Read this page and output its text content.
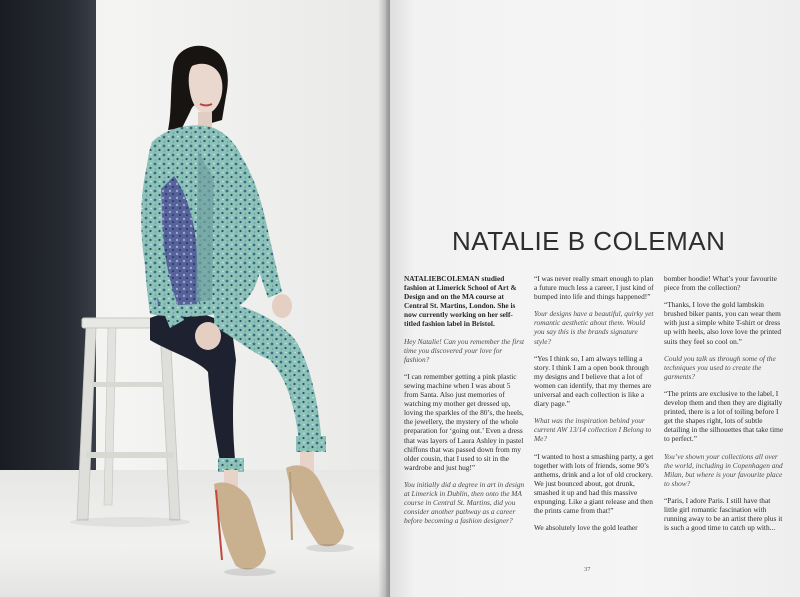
NATALIE B COLEMAN

NATALIEBCOLEMAN studied fashion at Limerick School of Art & Design and on the MA course at Central St. Martins, London. She is now currently working on her self-titled fashion label in Bristol.

Hey Natalie! Can you remember the first time you discovered your love for fashion?

“I can remember getting a pink plastic sewing machine when I was about 5 from Santa. Also just memories of watching my mother get dressed up, loving the sparkles of the 80’s, the heels, the jewellery, the mystery of the whole preparation for ‘going out.’ Even a dress that was layers of Laura Ashley in pastel chiffons that was passed down from my older cousin, that I used to sit in the wardrobe and just hug!”

You initially did a degree in art in design at Limerick in Dublin, then onto the MA course in Central St. Martins, did you consider another pathway as a career before becoming a fashion designer?

“I was never really smart enough to plan a future much less a career, I just kind of bumped into life and things happened!”

Your designs have a beautiful, quirky yet romantic aesthetic about them. Would you say this is the brands signature style?

“Yes I think so, I am always telling a story. I think I am a open book through my designs and I believe that a lot of women can identify, that my themes are universal and each collection is like a diary page.”

What was the inspiration behind your current AW 13/14 collection I Belong to Me?

“I wanted to host a smashing party, a get together with lots of friends, some 90’s anthems, drink and a lot of old crockery. We just bounced about, got drunk, smashed it up and had this massive expunging. Like a giant release and then the prints came from that!”

We absolutely love the gold leather

bomber hoodie! What’s your favourite piece from the collection?

“Thanks, I love the gold lambskin brushed biker pants, you can wear them with just a simple white T-shirt or dress up with heels, also love love the printed suits they feel so cool on.”

Could you talk us through some of the techniques you used to create the garments?

“The prints are exclusive to the label, I develop them and then they are digitally printed, there is a lot of toiling before I get the shapes right, lots of subtle detailing in the silhouettes that take time to perfect.”

You’ve shown your collections all over the world, including in Copenhagen and Milan, but where is your favourite place to show?

“Paris, I adore Paris. I still have that little girl romantic fascination with running away to be an artist there plus it is such a good time to catch up with...

37
